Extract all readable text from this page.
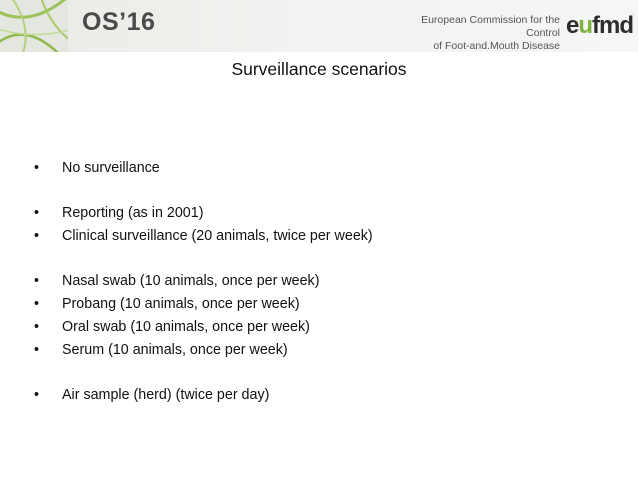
OS’16	European Commission for the Control
of Foot-and.Mouth Disease
eufmd
Surveillance scenarios
• No surveillance
• Reporting (as in 2001)
• Clinical surveillance (20 animals, twice per week)
• Nasal swab (10 animals, once per week)
• Probang (10 animals, once per week)
• Oral swab (10 animals, once per week)
• Serum (10 animals, once per week)
• Air sample (herd) (twice per day)
